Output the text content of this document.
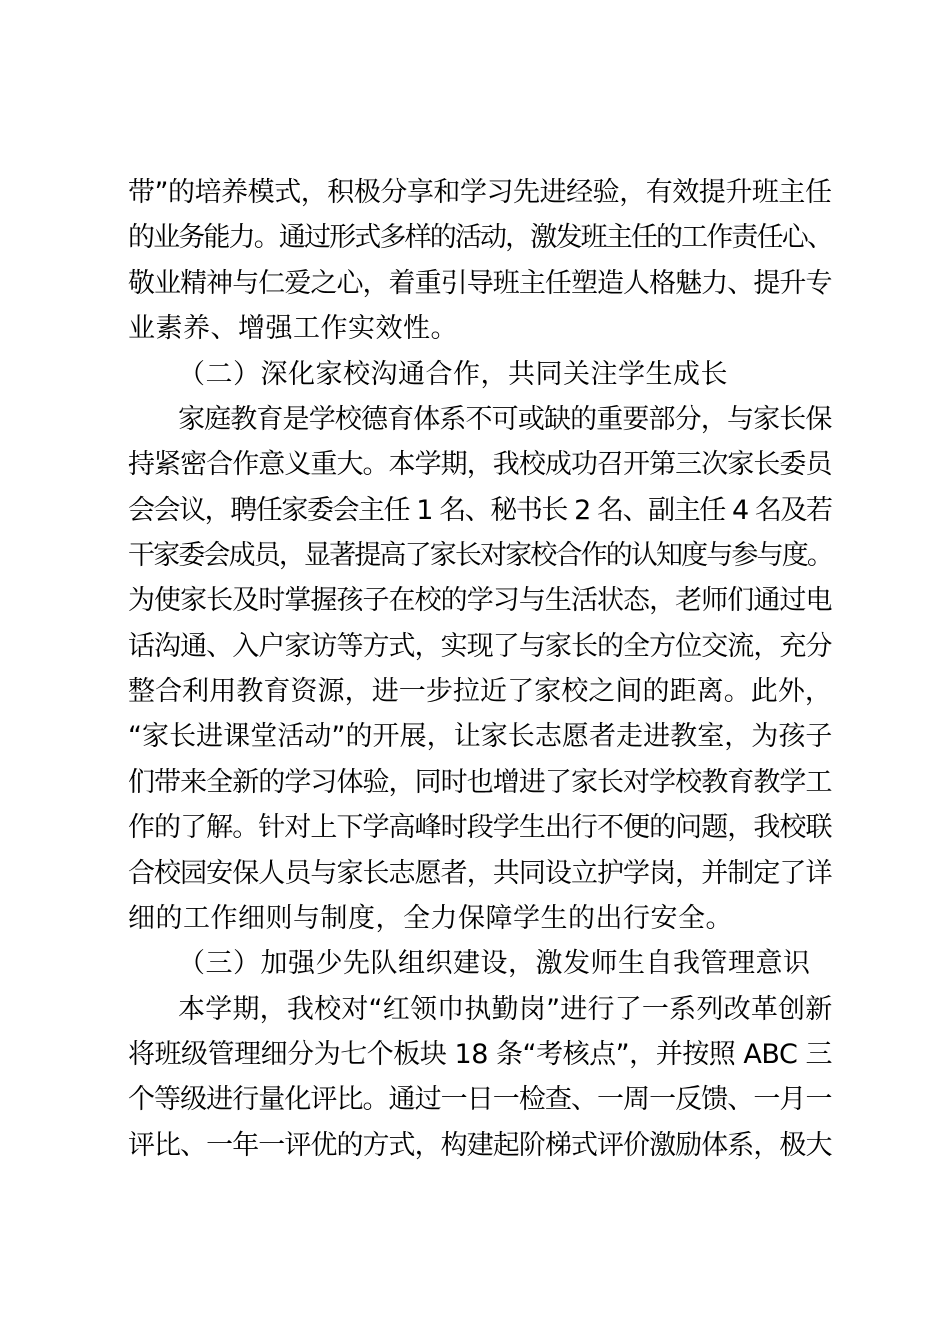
带”的培养模式，积极分享和学习先进经验，有效提升班主任
的业务能力。通过形式多样的活动，激发班主任的工作责任心、
敬业精神与仁爱之心，着重引导班主任塑造人格魅力、提升专
业素养、增强工作实效性。
（二）深化家校沟通合作，共同关注学生成长
家庭教育是学校德育体系不可或缺的重要部分，与家长保
持紧密合作意义重大。本学期，我校成功召开第三次家长委员
会会议，聘任家委会主任 1 名、秘书长 2 名、副主任 4 名及若
干家委会成员，显著提高了家长对家校合作的认知度与参与度。
为使家长及时掌握孩子在校的学习与生活状态，老师们通过电
话沟通、入户家访等方式，实现了与家长的全方位交流，充分
整合利用教育资源，进一步拉近了家校之间的距离。此外，
“家长进课堂活动”的开展，让家长志愿者走进教室，为孩子
们带来全新的学习体验，同时也增进了家长对学校教育教学工
作的了解。针对上下学高峰时段学生出行不便的问题，我校联
合校园安保人员与家长志愿者，共同设立护学岗，并制定了详
细的工作细则与制度，全力保障学生的出行安全。
（三）加强少先队组织建设，激发师生自我管理意识
本学期，我校对“红领巾执勤岗”进行了一系列改革创新
将班级管理细分为七个板块 18 条“考核点”，并按照 ABC 三
个等级进行量化评比。通过一日一检查、一周一反馈、一月一
评比、一年一评优的方式，构建起阶梯式评价激励体系，极大
